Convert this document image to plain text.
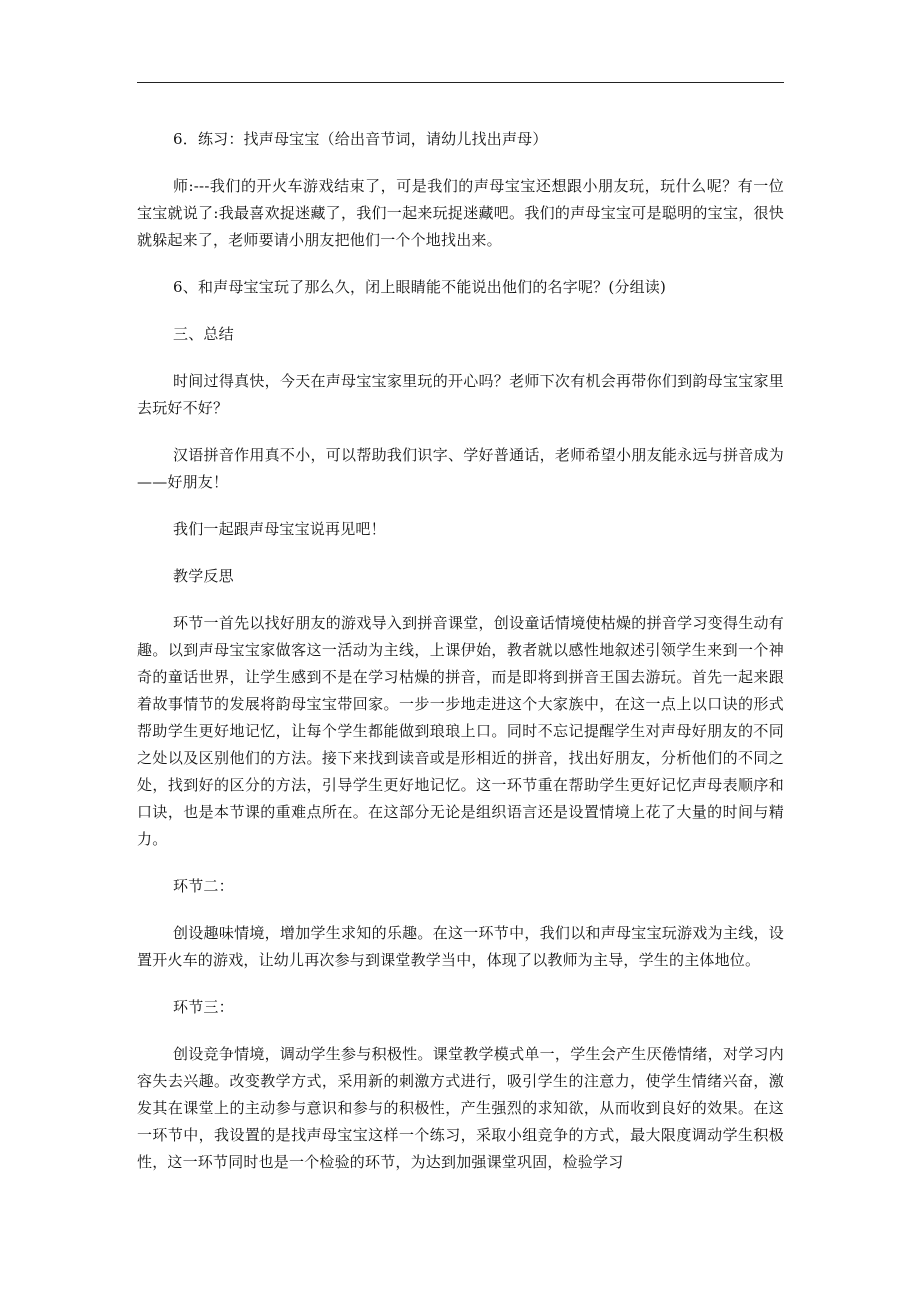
6．练习：找声母宝宝（给出音节词，请幼儿找出声母）

师:---我们的开火车游戏结束了，可是我们的声母宝宝还想跟小朋友玩，玩什么呢？有一位宝宝就说了:我最喜欢捉迷藏了，我们一起来玩捉迷藏吧。我们的声母宝宝可是聪明的宝宝，很快就躲起来了，老师要请小朋友把他们一个个地找出来。

6、和声母宝宝玩了那么久，闭上眼睛能不能说出他们的名字呢？(分组读)

三、总结

时间过得真快，今天在声母宝宝家里玩的开心吗？老师下次有机会再带你们到韵母宝宝家里去玩好不好？

汉语拼音作用真不小，可以帮助我们识字、学好普通话，老师希望小朋友能永远与拼音成为——好朋友！

我们一起跟声母宝宝说再见吧！

教学反思

环节一首先以找好朋友的游戏导入到拼音课堂，创设童话情境使枯燥的拼音学习变得生动有趣。以到声母宝宝家做客这一活动为主线，上课伊始，教者就以感性地叙述引领学生来到一个神奇的童话世界，让学生感到不是在学习枯燥的拼音，而是即将到拼音王国去游玩。首先一起来跟着故事情节的发展将韵母宝宝带回家。一步一步地走进这个大家族中，在这一点上以口诀的形式帮助学生更好地记忆，让每个学生都能做到琅琅上口。同时不忘记提醒学生对声母好朋友的不同之处以及区别他们的方法。接下来找到读音或是形相近的拼音，找出好朋友，分析他们的不同之处，找到好的区分的方法，引导学生更好地记忆。这一环节重在帮助学生更好记忆声母表顺序和口诀，也是本节课的重难点所在。在这部分无论是组织语言还是设置情境上花了大量的时间与精力。

环节二：

创设趣味情境，增加学生求知的乐趣。在这一环节中，我们以和声母宝宝玩游戏为主线，设置开火车的游戏，让幼儿再次参与到课堂教学当中，体现了以教师为主导，学生的主体地位。

环节三：

创设竞争情境，调动学生参与积极性。课堂教学模式单一，学生会产生厌倦情绪，对学习内容失去兴趣。改变教学方式，采用新的刺激方式进行，吸引学生的注意力，使学生情绪兴奋，激发其在课堂上的主动参与意识和参与的积极性，产生强烈的求知欲，从而收到良好的效果。在这一环节中，我设置的是找声母宝宝这样一个练习，采取小组竞争的方式，最大限度调动学生积极性，这一环节同时也是一个检验的环节，为达到加强课堂巩固，检验学习
